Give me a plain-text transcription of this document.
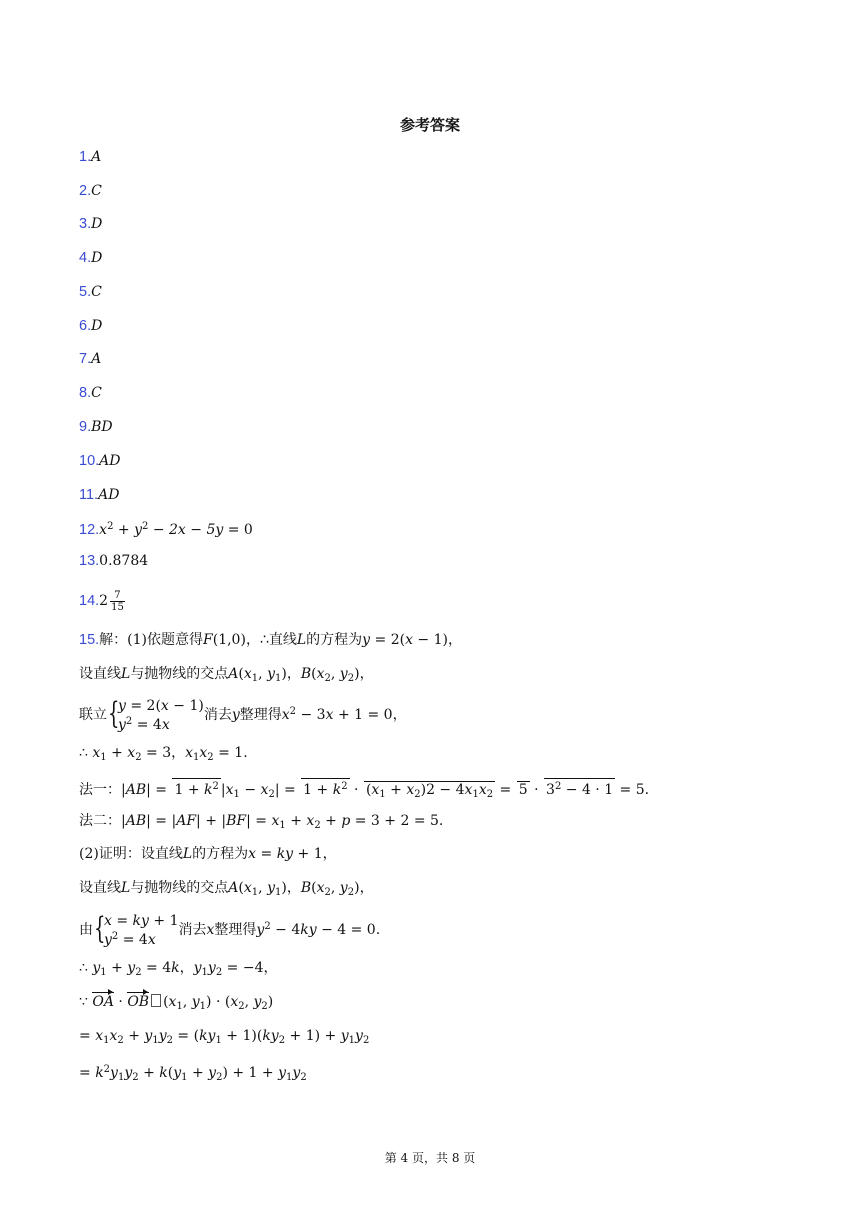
参考答案
1.A
2.C
3.D
4.D
5.C
6.D
7.A
8.C
9.BD
10.AD
11.AD
$12.x^2 + y^2 - 2x - 5y = 0$
13.0.8784
$14.2 \frac{7}{15}$
15.解：(1)依题意得F(1,0)，∴直线L的方程为y = 2(x − 1)，
设直线L与抛物线的交点$A(x_1$, $y_1$)，$B(x_2$, $y_2$)，
联立 {
y = 2(x − 1)
$y^2 = 4x$
消去y整理得$x^2 - 3x + 1 = 0$，
∴ $x_1 + x_2 = 3$，$x_1x_2 = 1$.
法一：$|AB| = 1 + k^2$ $|x_1 - x_2| = 1 + k^2 \cdot (x_1 + x_2)2 - 4x_1x_2 = 5 \cdot 3^2 - 4 \cdot 1 = 5$.
法二：$|AB| = |AF| + |BF| = x_1 + x_2 + p = 3 + 2 = 5$.
(2)证明：设直线L的方程为x = ky + 1，
设直线L与抛物线的交点$A(x_1$, $y_1$)，$B(x_2$, $y_2$)，
由 {
x = ky + 1
$y^2 = 4x$
消去x整理得$y^2 - 4ky - 4 = 0$.
∴ $y_1 + y_2 = 4k$，$y_1y_2 = -4$，
∵ OA · OB ($x_1$, $y_1) \cdot (x_2$, $y_2$)
= $x_1x_2 + y_1y_2 = (ky_1 + 1)(ky_2 + 1) + y_1y_2$
= $k^2y_1y_2 + k(y_1 + y_2) + 1 + y_1y_2$
第 4 页，共 8 页
